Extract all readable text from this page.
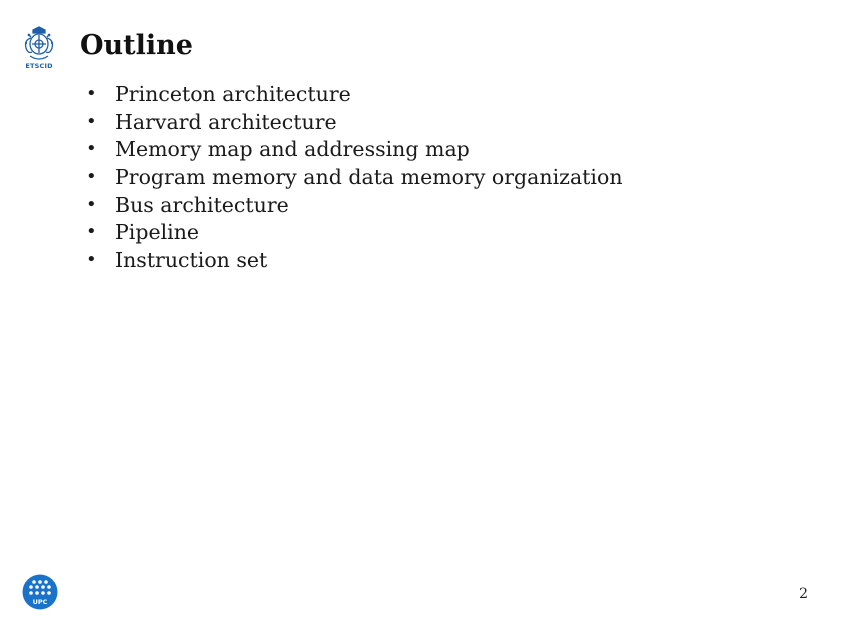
ETSCID
Outline
• Princeton architecture
• Harvard architecture
• Memory map and addressing map
• Program memory and data memory organization
• Bus architecture
• Pipeline
• Instruction set
UPC	2
